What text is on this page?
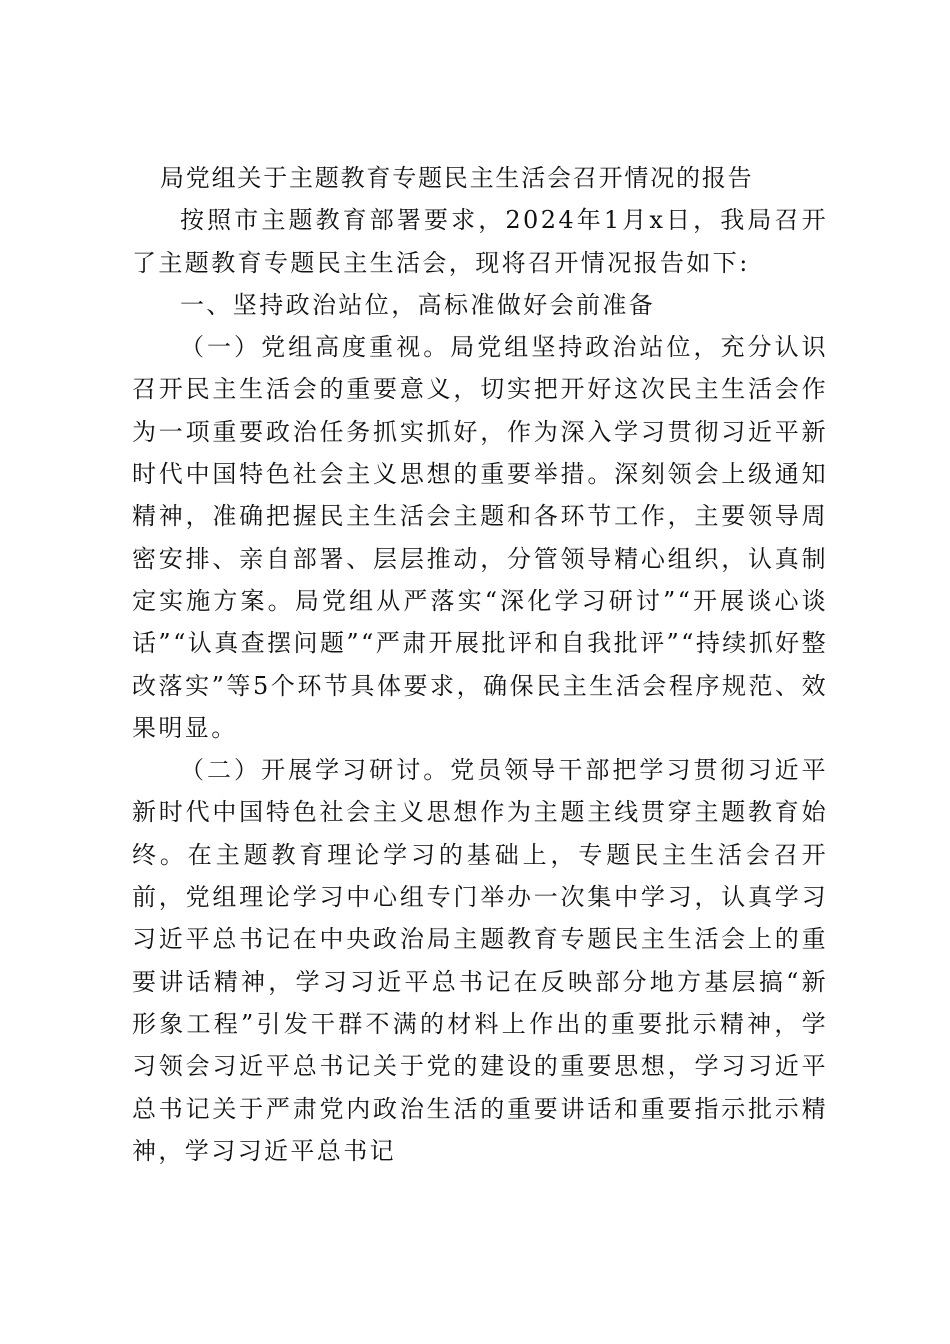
局党组关于主题教育专题民主生活会召开情况的报告

按照市主题教育部署要求，2024年1月x日，我局召开了主题教育专题民主生活会，现将召开情况报告如下:

一、坚持政治站位，高标准做好会前准备

（一）党组高度重视。局党组坚持政治站位，充分认识召开民主生活会的重要意义，切实把开好这次民主生活会作为一项重要政治任务抓实抓好，作为深入学习贯彻习近平新时代中国特色社会主义思想的重要举措。深刻领会上级通知精神，准确把握民主生活会主题和各环节工作，主要领导周密安排、亲自部署、层层推动，分管领导精心组织，认真制定实施方案。局党组从严落实“深化学习研讨”“开展谈心谈话”“认真查摆问题”“严肃开展批评和自我批评”“持续抓好整改落实”等5个环节具体要求，确保民主生活会程序规范、效果明显。

（二）开展学习研讨。党员领导干部把学习贯彻习近平新时代中国特色社会主义思想作为主题主线贯穿主题教育始终。在主题教育理论学习的基础上，专题民主生活会召开前，党组理论学习中心组专门举办一次集中学习，认真学习习近平总书记在中央政治局主题教育专题民主生活会上的重要讲话精神，学习习近平总书记在反映部分地方基层搞“新形象工程”引发干群不满的材料上作出的重要批示精神，学习领会习近平总书记关于党的建设的重要思想，学习习近平总书记关于严肃党内政治生活的重要讲话和重要指示批示精神，学习习近平总书记
